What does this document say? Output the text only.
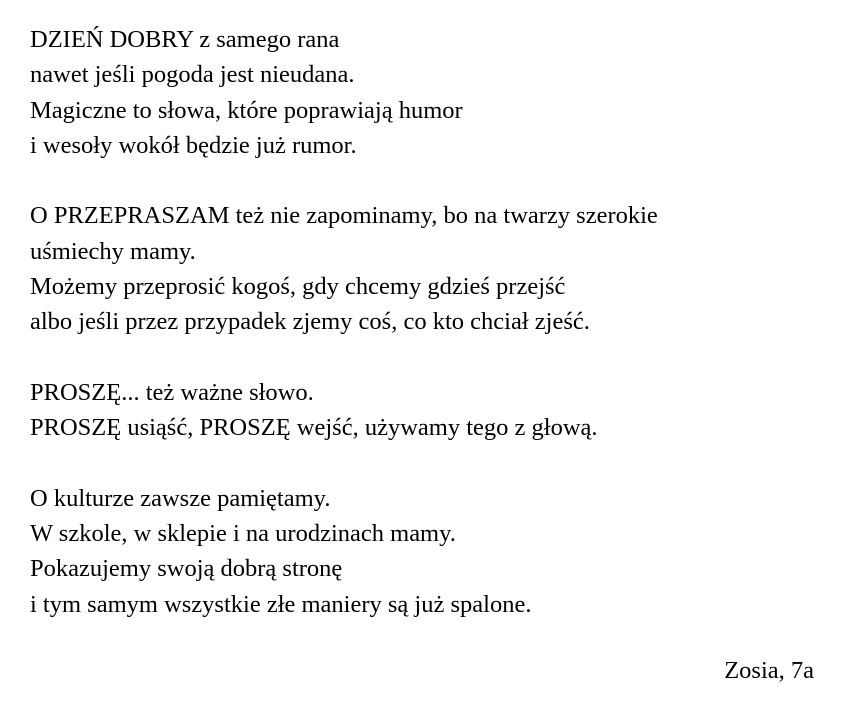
DZIEŃ DOBRY z samego rana
nawet jeśli pogoda jest nieudana.
Magiczne to słowa, które poprawiają humor
i wesoły wokół będzie już rumor.

O PRZEPRASZAM też nie zapominamy, bo na twarzy szerokie
uśmiechy mamy.
Możemy przeprosić kogoś, gdy chcemy gdzieś przejść
albo jeśli przez przypadek zjemy coś, co kto chciał zjeść.

PROSZĘ... też ważne słowo.
PROSZĘ usiąść, PROSZĘ wejść, używamy tego z głową.

O kulturze zawsze pamiętamy.
W szkole, w sklepie i na urodzinach mamy.
Pokazujemy swoją dobrą stronę
i tym samym wszystkie złe maniery są już spalone.

Zosia, 7a
